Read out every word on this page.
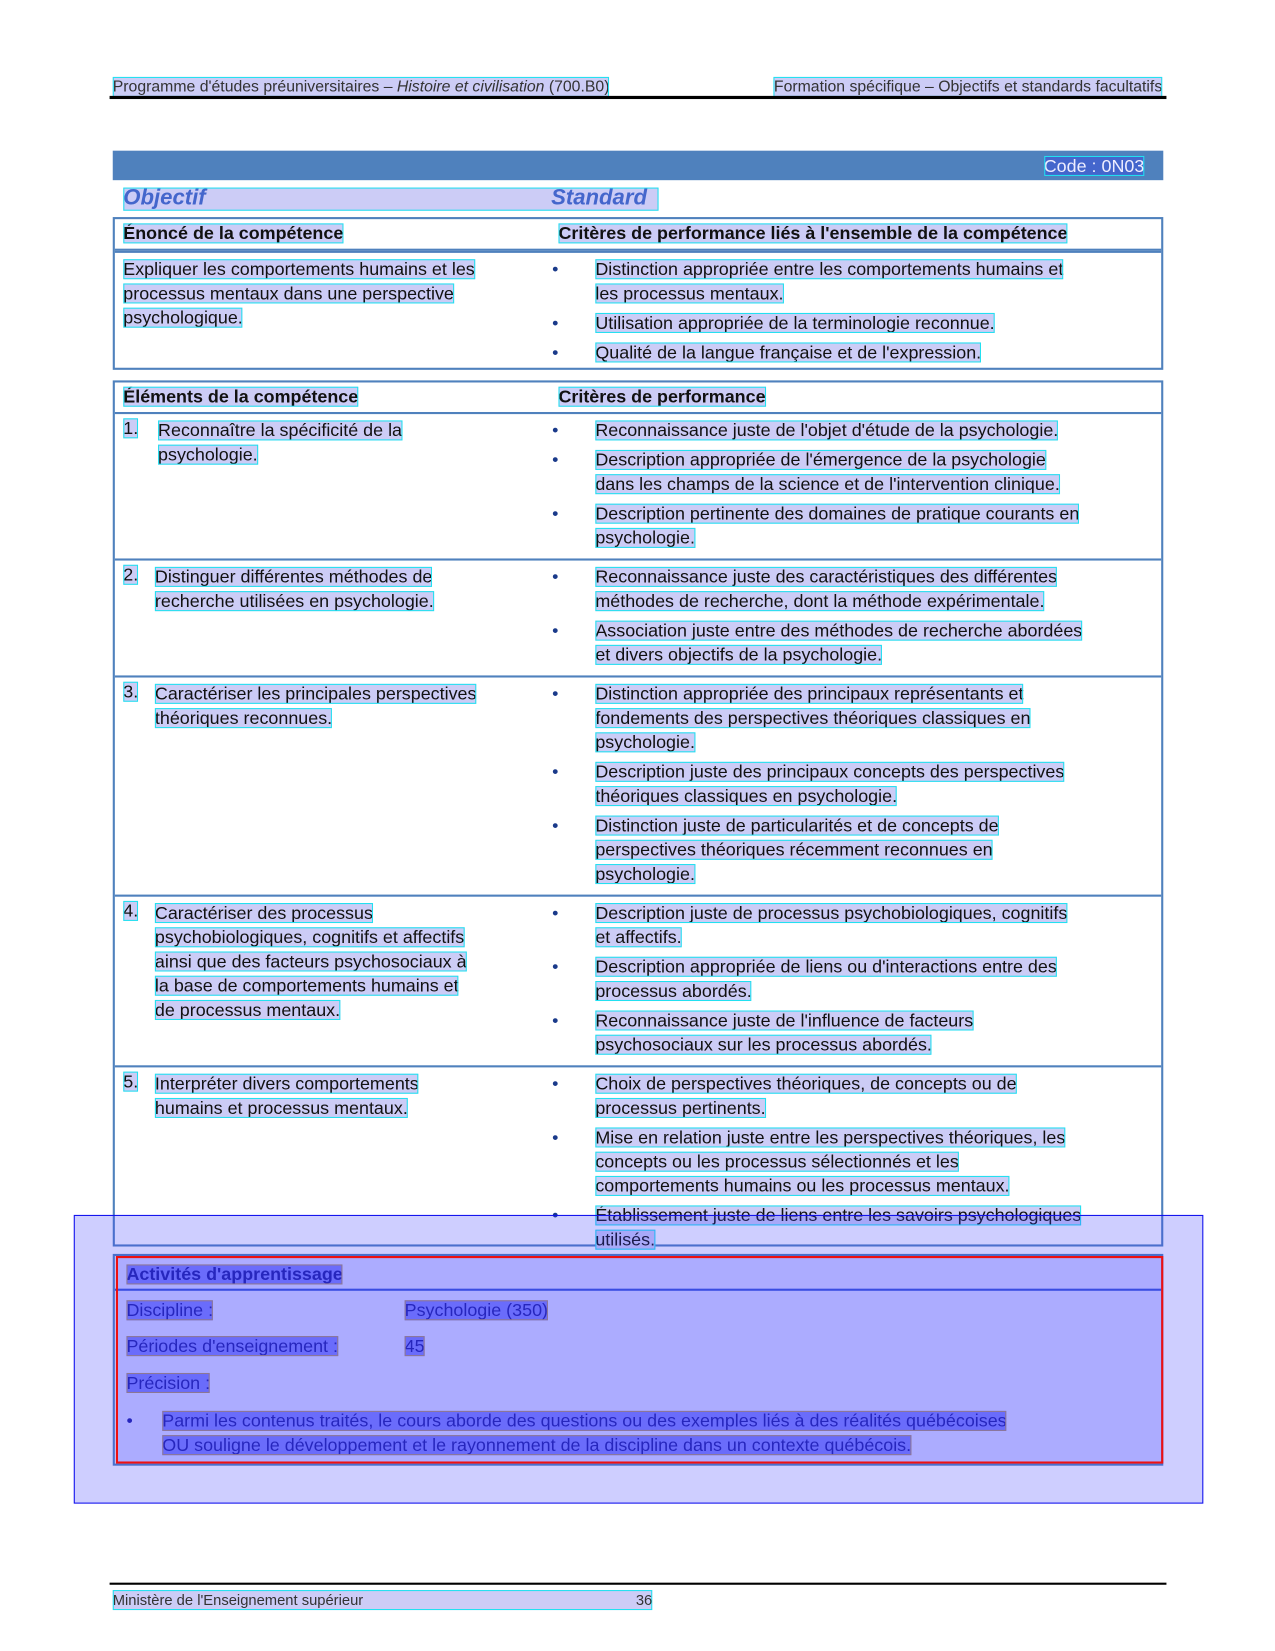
Programme d'études préuniversitaires – Histoire et civilisation (700.B0)	Formation spécifique – Objectifs et standards facultatifs
Code : 0N03
Objectif	Standard
Énoncé de la compétence	Critères de performance liés à l'ensemble de la compétence
Expliquer les comportements humains et les
processus mentaux dans une perspective
psychologique.
• Distinction appropriée entre les comportements humains et
les processus mentaux.
• Utilisation appropriée de la terminologie reconnue.
• Qualité de la langue française et de l'expression.
Éléments de la compétence	Critères de performance
1.	Reconnaître la spécificité de la
psychologie.
• Reconnaissance juste de l'objet d'étude de la psychologie.
• Description appropriée de l'émergence de la psychologie
dans les champs de la science et de l'intervention clinique.
• Description pertinente des domaines de pratique courants en
psychologie.
2. Distinguer différentes méthodes de
recherche utilisées en psychologie.
• Reconnaissance juste des caractéristiques des différentes
méthodes de recherche, dont la méthode expérimentale.
• Association juste entre des méthodes de recherche abordées
et divers objectifs de la psychologie.
3. Caractériser les principales perspectives
théoriques reconnues.
• Distinction appropriée des principaux représentants et
fondements des perspectives théoriques classiques en
psychologie.
• Description juste des principaux concepts des perspectives
théoriques classiques en psychologie.
• Distinction juste de particularités et de concepts de
perspectives théoriques récemment reconnues en
psychologie.
4. Caractériser des processus
psychobiologiques, cognitifs et affectifs
ainsi que des facteurs psychosociaux à
la base de comportements humains et
de processus mentaux.
• Description juste de processus psychobiologiques, cognitifs
et affectifs.
• Description appropriée de liens ou d'interactions entre des
processus abordés.
• Reconnaissance juste de l'influence de facteurs
psychosociaux sur les processus abordés.
5. Interpréter divers comportements
humains et processus mentaux.
• Choix de perspectives théoriques, de concepts ou de
processus pertinents.
• Mise en relation juste entre les perspectives théoriques, les
concepts ou les processus sélectionnés et les
comportements humains ou les processus mentaux.
• Établissement juste de liens entre les savoirs psychologiques
utilisés.
Activités d'apprentissage
Discipline :	Psychologie (350)
Périodes d'enseignement :	45
Précision :
• Parmi les contenus traités, le cours aborde des questions ou des exemples liés à des réalités québécoises
OU souligne le développement et le rayonnement de la discipline dans un contexte québécois.
Ministère de l'Enseignement supérieur	36
